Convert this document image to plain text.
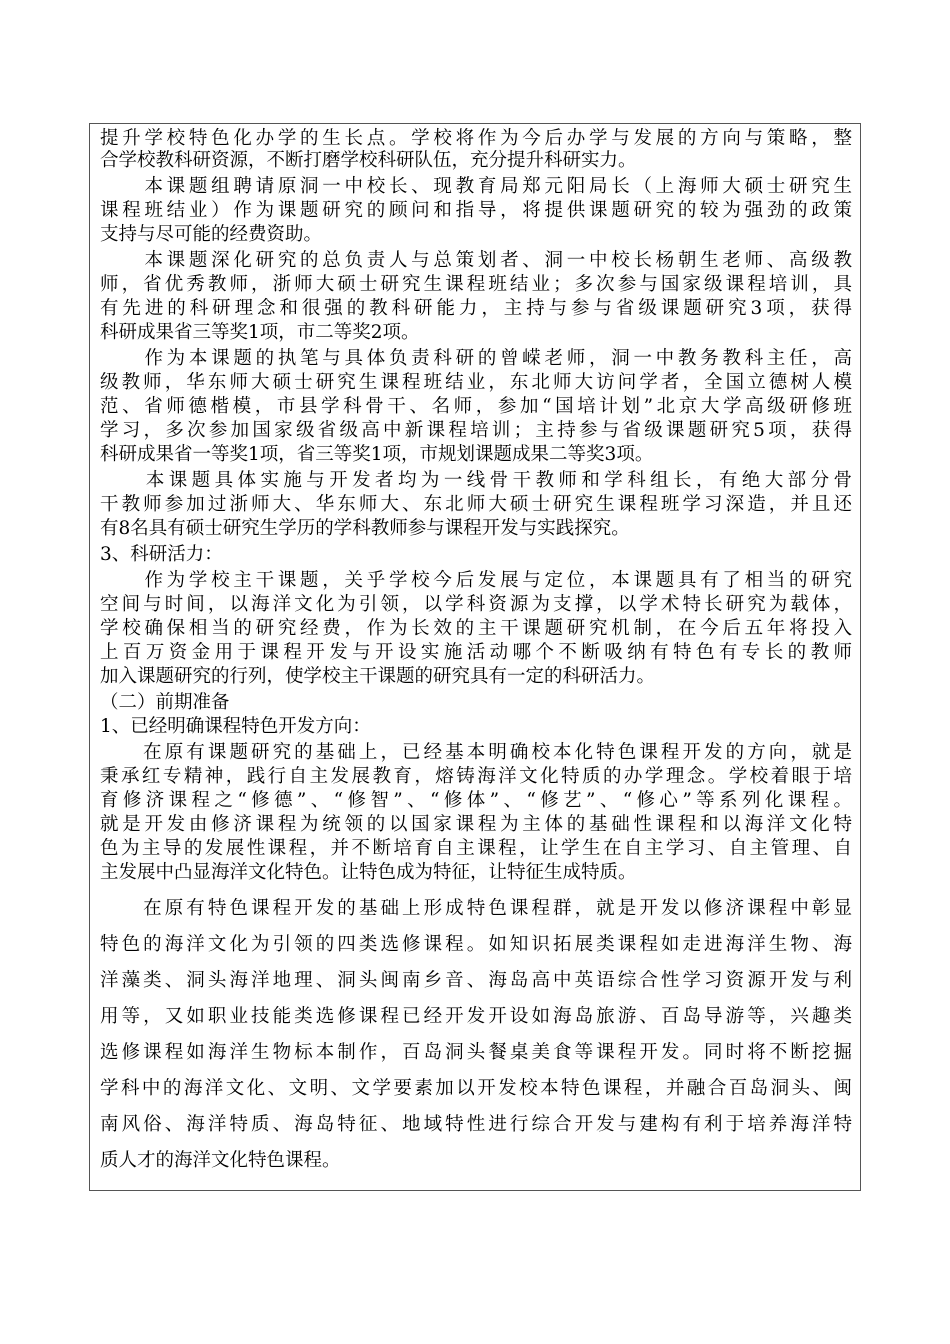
提升学校特色化办学的生长点。学校将作为今后办学与发展的方向与策略，整
合学校教科研资源，不断打磨学校科研队伍，充分提升科研实力。
　　本课题组聘请原洞一中校长、现教育局郑元阳局长（上海师大硕士研究生
课程班结业）作为课题研究的顾问和指导，将提供课题研究的较为强劲的政策
支持与尽可能的经费资助。
　　本课题深化研究的总负责人与总策划者、洞一中校长杨朝生老师、高级教
师，省优秀教师，浙师大硕士研究生课程班结业；多次参与国家级课程培训，具
有先进的科研理念和很强的教科研能力，主持与参与省级课题研究3项，获得
科研成果省三等奖1项，市二等奖2项。
　　作为本课题的执笔与具体负责科研的曾嵘老师，洞一中教务教科主任，高
级教师，华东师大硕士研究生课程班结业，东北师大访问学者，全国立德树人模
范、省师德楷模，市县学科骨干、名师，参加“国培计划”北京大学高级研修班
学习，多次参加国家级省级高中新课程培训；主持参与省级课题研究5项，获得
科研成果省一等奖1项，省三等奖1项，市规划课题成果二等奖3项。
　　本课题具体实施与开发者均为一线骨干教师和学科组长，有绝大部分骨
干教师参加过浙师大、华东师大、东北师大硕士研究生课程班学习深造，并且还
有8名具有硕士研究生学历的学科教师参与课程开发与实践探究。
3、科研活力：
　　作为学校主干课题，关乎学校今后发展与定位，本课题具有了相当的研究
空间与时间，以海洋文化为引领，以学科资源为支撑，以学术特长研究为载体，
学校确保相当的研究经费，作为长效的主干课题研究机制，在今后五年将投入
上百万资金用于课程开发与开设实施活动哪个不断吸纳有特色有专长的教师
加入课题研究的行列，使学校主干课题的研究具有一定的科研活力。
（二）前期准备
1、已经明确课程特色开发方向：
　　在原有课题研究的基础上，已经基本明确校本化特色课程开发的方向，就是
秉承红专精神，践行自主发展教育，熔铸海洋文化特质的办学理念。学校着眼于培
育修济课程之“修德”、“修智”、“修体”、“修艺”、“修心”等系列化课程。
就是开发由修济课程为统领的以国家课程为主体的基础性课程和以海洋文化特
色为主导的发展性课程，并不断培育自主课程，让学生在自主学习、自主管理、自
主发展中凸显海洋文化特色。让特色成为特征，让特征生成特质。
　　在原有特色课程开发的基础上形成特色课程群，就是开发以修济课程中彰显
特色的海洋文化为引领的四类选修课程。如知识拓展类课程如走进海洋生物、海
洋藻类、洞头海洋地理、洞头闽南乡音、海岛高中英语综合性学习资源开发与利
用等，又如职业技能类选修课程已经开发开设如海岛旅游、百岛导游等，兴趣类
选修课程如海洋生物标本制作，百岛洞头餐桌美食等课程开发。同时将不断挖掘
学科中的海洋文化、文明、文学要素加以开发校本特色课程，并融合百岛洞头、闽
南风俗、海洋特质、海岛特征、地域特性进行综合开发与建构有利于培养海洋特
质人才的海洋文化特色课程。
